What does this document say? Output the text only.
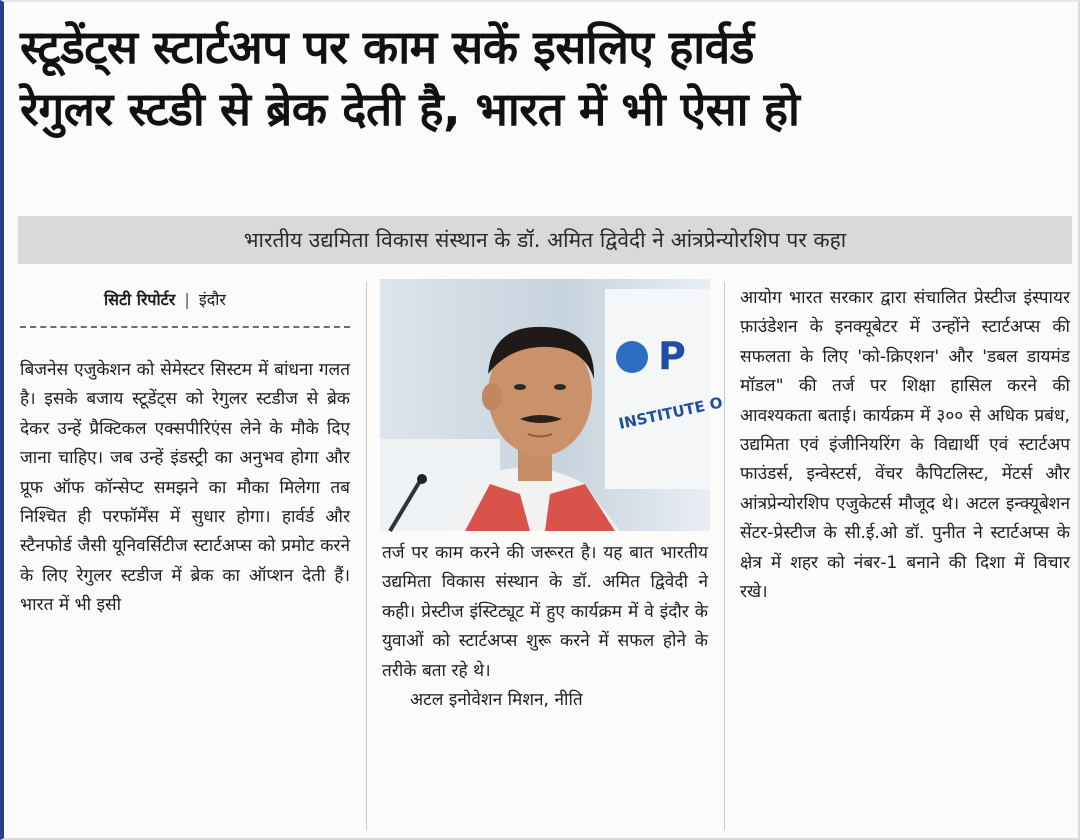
स्टूडेंट्स स्टार्टअप पर काम सकें इसलिए हार्वर्ड
रेगुलर स्टडी से ब्रेक देती है, भारत में भी ऐसा हो
भारतीय उद्यमिता विकास संस्थान के डॉ. अमित द्विवेदी ने आंत्रप्रेन्योरशिप पर कहा
सिटी रिपोर्टर | इंदौर

बिजनेस एजुकेशन को सेमेस्टर सिस्टम में बांधना गलत है। इसके बजाय स्टूडेंट्स को रेगुलर स्टडीज से ब्रेक देकर उन्हें प्रैक्टिकल एक्सपीरिएंस लेने के मौके दिए जाना चाहिए। जब उन्हें इंडस्ट्री का अनुभव होगा और प्रूफ ऑफ कॉन्सेप्ट समझने का मौका मिलेगा तब निश्चित ही परफॉर्मेंस में सुधार होगा। हार्वर्ड और स्टैनफोर्ड जैसी यूनिवर्सिटीज स्टार्टअप्स को प्रमोट करने के लिए रेगुलर स्टडीज में ब्रेक का ऑप्शन देती हैं। भारत में भी इसी

P
INSTITUTE O

तर्ज पर काम करने की जरूरत है। यह बात भारतीय उद्यमिता विकास संस्थान के डॉ. अमित द्विवेदी ने कही। प्रेस्टीज इंस्टिट्यूट में हुए कार्यक्रम में वे इंदौर के युवाओं को स्टार्टअप्स शुरू करने में सफल होने के तरीके बता रहे थे।

अटल इनोवेशन मिशन, नीति

आयोग भारत सरकार द्वारा संचालित प्रेस्टीज इंस्पायर फ़ाउंडेशन के इनक्यूबेटर में उन्होंने स्टार्टअप्स की सफलता के लिए 'को-क्रिएशन' और 'डबल डायमंड मॉडल" की तर्ज पर शिक्षा हासिल करने की आवश्यकता बताई। कार्यक्रम में ३०० से अधिक प्रबंध, उद्यमिता एवं इंजीनियरिंग के विद्यार्थी एवं स्टार्टअप फाउंडर्स, इन्वेस्टर्स, वेंचर कैपिटलिस्ट, मेंटर्स और आंत्रप्रेन्योरशिप एजुकेटर्स मौजूद थे। अटल इन्क्यूबेशन सेंटर-प्रेस्टीज के सी.ई.ओ डॉ. पुनीत ने स्टार्टअप्स के क्षेत्र में शहर को नंबर-1 बनाने की दिशा में विचार रखे।
